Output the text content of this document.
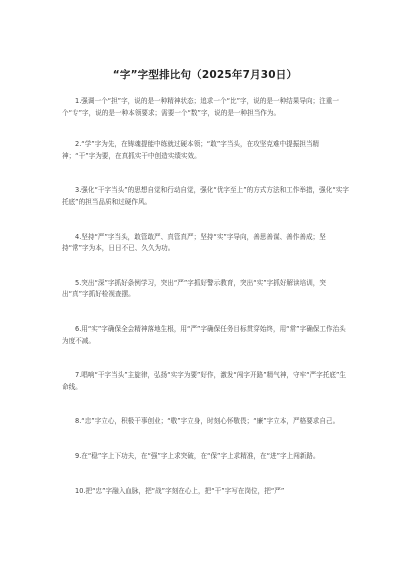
“字”字型排比句（2025年7月30日）

1.强调一个“担”字，说的是一种精神状态；追求一个“比”字，说的是一种结果导向；注重一个“专”字，说的是一种本领要求；需要一个“数”字，说的是一种担当作为。

2.“学”字为先，在铸魂提能中练就过硬本领；“敢”字当头，在攻坚克难中提振担当精神；“干”字为要，在真抓实干中创造实绩实效。

3.强化“干字当头”的思想自觉和行动自觉，强化“优字至上”的方式方法和工作举措，强化“实字托底”的担当品质和过硬作风。

4.坚持“严”字当头，敢管敢严、真管真严；坚持“实”字导向，善思善谋、善作善成；坚持“常”字为本，日日不已、久久为功。

5.突出“深”字抓好条例学习，突出“严”字抓好警示教育，突出“实”字抓好解读培训，突出“真”字抓好检视查摆。

6.用“实”字确保全会精神落地生根，用“严”字确保任务目标贯穿始终，用“常”字确保工作治头为度不减。

7.唱响“干字当头”主旋律，弘扬“实字为要”好作，激发“闯字开路”精气神，守牢“严字托底”生命线。

8.“忠”字立心，积极干事创业；“敬”字立身，时刻心怀敬畏；“廉”字立本，严格要求自己。

9.在“稳”字上下功夫，在“强”字上求突破，在“保”字上求精准，在“进”字上闯新路。

10.把“忠”字融入血脉，把“战”字刻在心上，把“干”字写在岗位，把“严”
